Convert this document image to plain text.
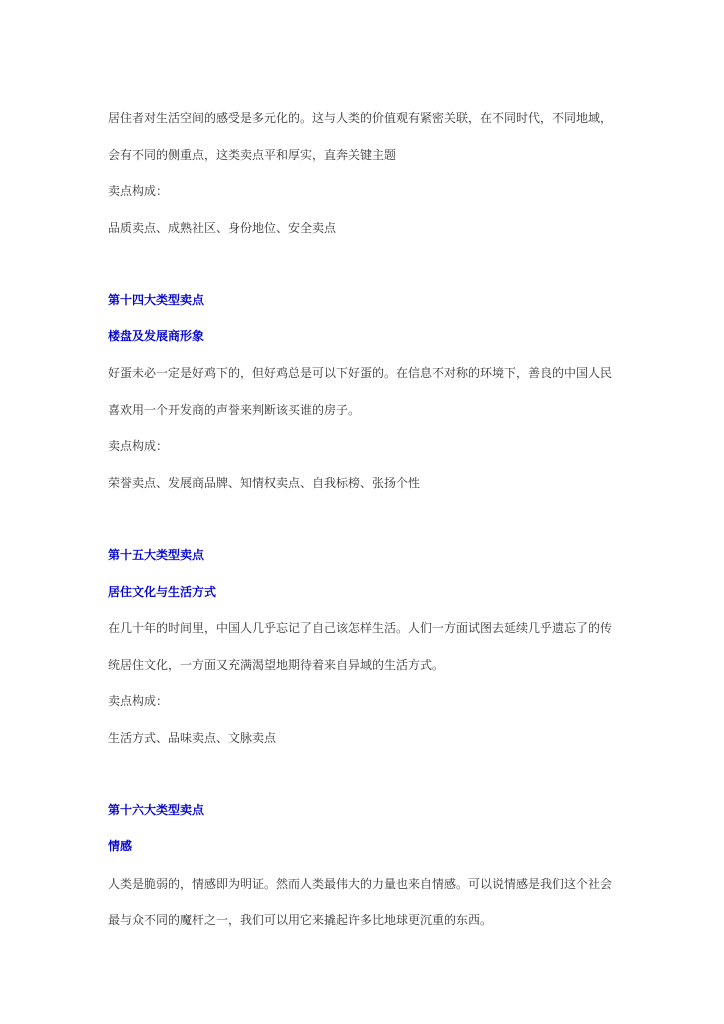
居住者对生活空间的感受是多元化的。这与人类的价值观有紧密关联，在不同时代，不同地域，
会有不同的侧重点，这类卖点平和厚实，直奔关键主题
卖点构成：
品质卖点、成熟社区、身份地位、安全卖点
第十四大类型卖点
楼盘及发展商形象
好蛋未必一定是好鸡下的，但好鸡总是可以下好蛋的。在信息不对称的环境下，善良的中国人民
喜欢用一个开发商的声誉来判断该买谁的房子。
卖点构成：
荣誉卖点、发展商品牌、知情权卖点、自我标榜、张扬个性
第十五大类型卖点
居住文化与生活方式
在几十年的时间里，中国人几乎忘记了自己该怎样生活。人们一方面试图去延续几乎遗忘了的传
统居住文化，一方面又充满渴望地期待着来自异域的生活方式。
卖点构成：
生活方式、品味卖点、文脉卖点
第十六大类型卖点
情感
人类是脆弱的，情感即为明证。然而人类最伟大的力量也来自情感。可以说情感是我们这个社会
最与众不同的魔杆之一，我们可以用它来撬起许多比地球更沉重的东西。
